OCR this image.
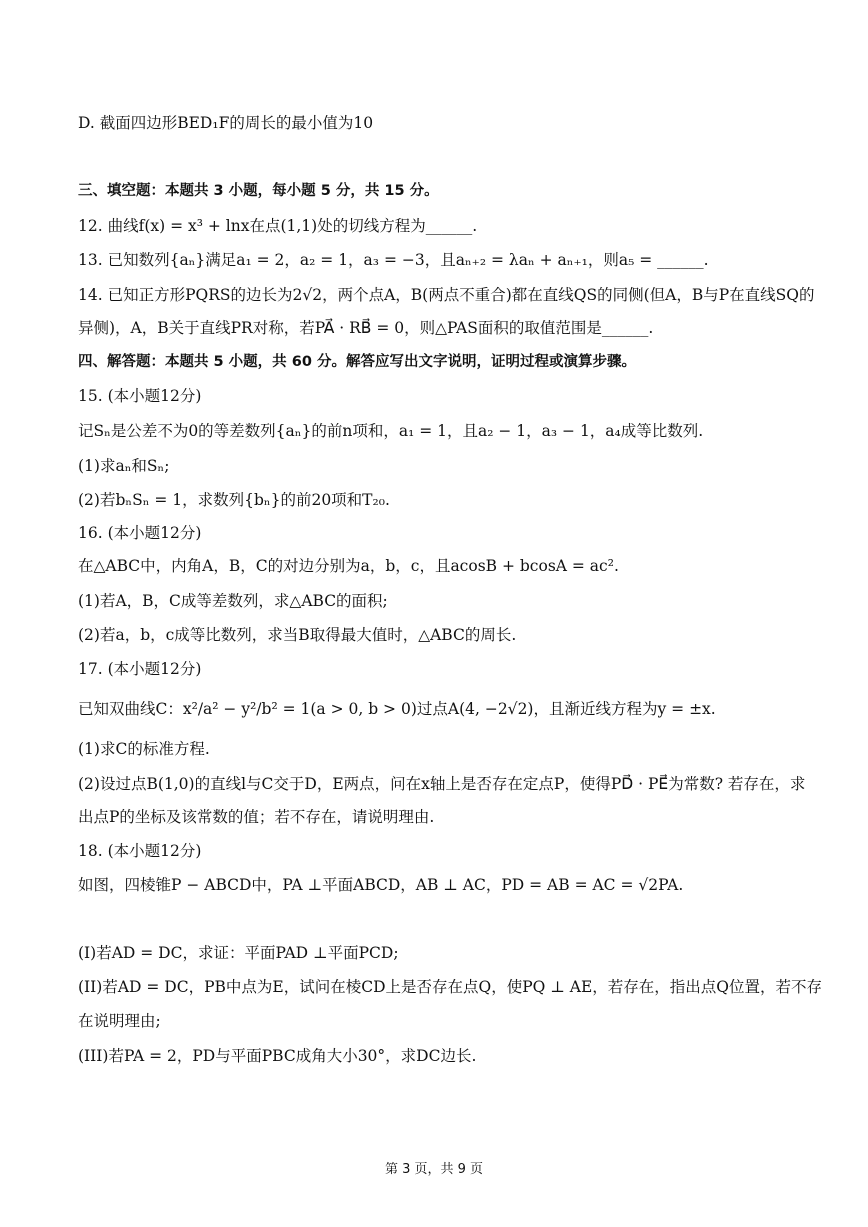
D. 截面四边形BED₁F的周长的最小值为10
三、填空题：本题共 3 小题，每小题 5 分，共 15 分。
12. 曲线f(x) = x³ + lnx在点(1,1)处的切线方程为______.
13. 已知数列{aₙ}满足a₁ = 2，a₂ = 1，a₃ = −3，且aₙ₊₂ = λaₙ + aₙ₊₁，则a₅ = ______.
14. 已知正方形PQRS的边长为2√2，两个点A，B(两点不重合)都在直线QS的同侧(但A，B与P在直线SQ的
异侧)，A，B关于直线PR对称，若PA⃗ · RB⃗ = 0，则△PAS面积的取值范围是______.
四、解答题：本题共 5 小题，共 60 分。解答应写出文字说明，证明过程或演算步骤。
15. (本小题12分)
记Sₙ是公差不为0的等差数列{aₙ}的前n项和，a₁ = 1，且a₂ − 1，a₃ − 1，a₄成等比数列.
(1)求aₙ和Sₙ;
(2)若bₙSₙ = 1，求数列{bₙ}的前20项和T₂₀.
16. (本小题12分)
在△ABC中，内角A，B，C的对边分别为a，b，c，且acosB + bcosA = ac².
(1)若A，B，C成等差数列，求△ABC的面积;
(2)若a，b，c成等比数列，求当B取得最大值时，△ABC的周长.
17. (本小题12分)
已知双曲线C：x²/a² − y²/b² = 1(a > 0, b > 0)过点A(4, −2√2)，且渐近线方程为y = ±x.
(1)求C的标准方程.
(2)设过点B(1,0)的直线l与C交于D，E两点，问在x轴上是否存在定点P，使得PD⃗ · PE⃗为常数? 若存在，求
出点P的坐标及该常数的值；若不存在，请说明理由.
18. (本小题12分)
如图，四棱锥P − ABCD中，PA ⊥平面ABCD，AB ⊥ AC，PD = AB = AC = √2PA.
(I)若AD = DC，求证：平面PAD ⊥平面PCD;
(II)若AD = DC，PB中点为E，试问在棱CD上是否存在点Q，使PQ ⊥ AE，若存在，指出点Q位置，若不存
在说明理由;
(III)若PA = 2，PD与平面PBC成角大小30°，求DC边长.
第 3 页，共 9 页
